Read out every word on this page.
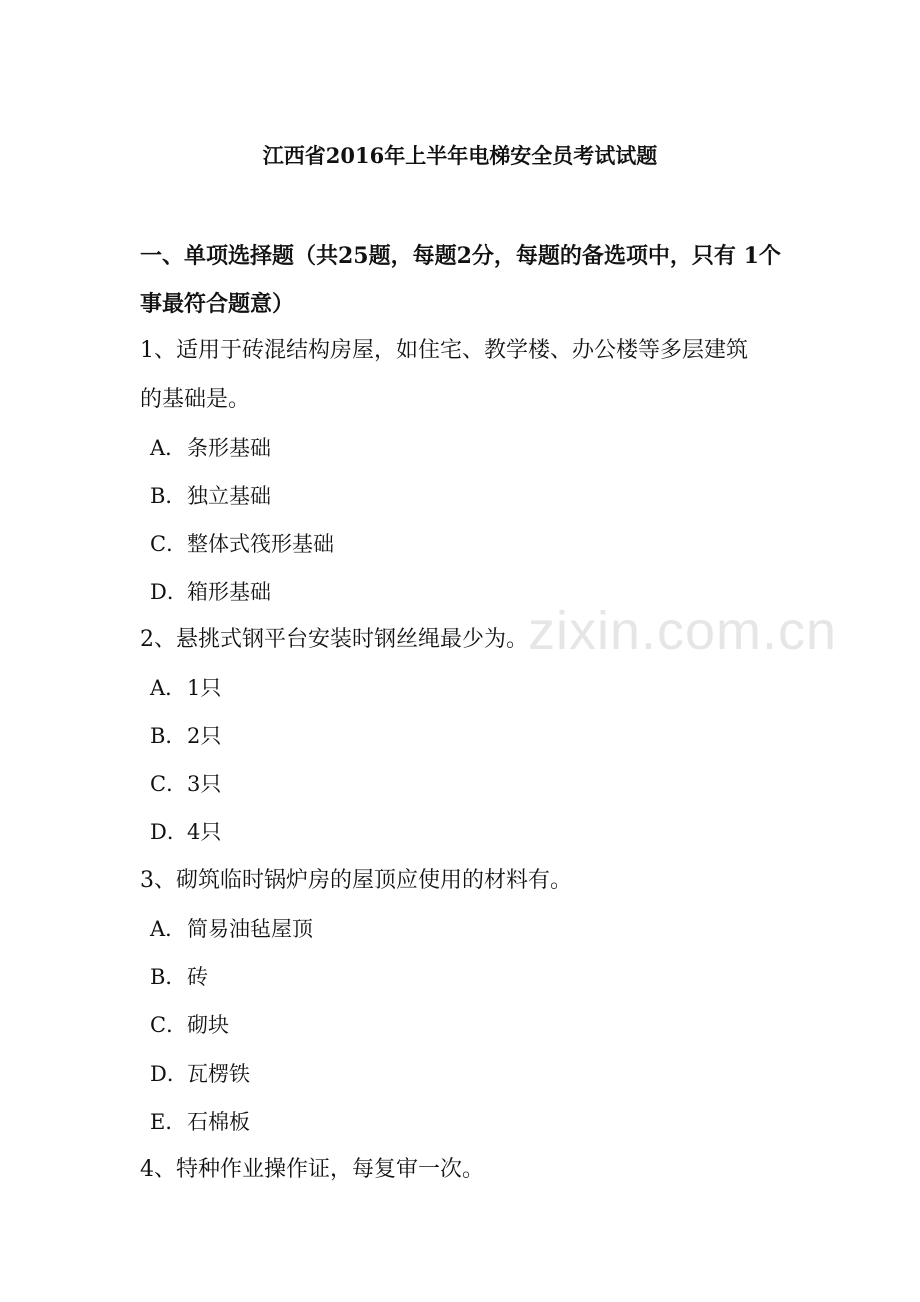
zixin.com.cn
江西省2016年上半年电梯安全员考试试题
一、单项选择题（共25题，每题2分，每题的备选项中，只有 1个事最符合题意）
1、适用于砖混结构房屋，如住宅、教学楼、办公楼等多层建筑
的基础是。
A．条形基础
B．独立基础
C．整体式筏形基础
D．箱形基础
2、悬挑式钢平台安装时钢丝绳最少为。
A．1只
B．2只
C．3只
D．4只
3、砌筑临时锅炉房的屋顶应使用的材料有。
A．简易油毡屋顶
B．砖
C．砌块
D．瓦楞铁
E．石棉板
4、特种作业操作证，每复审一次。
